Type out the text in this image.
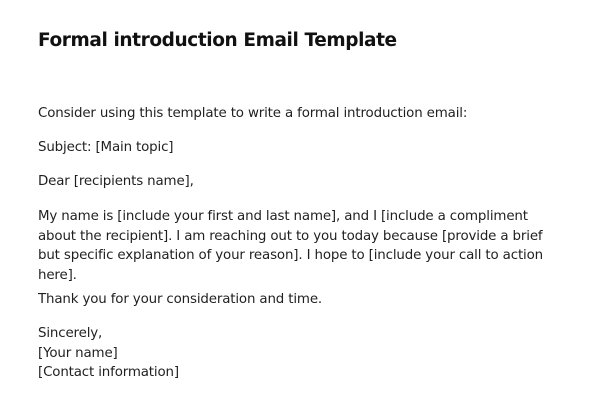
Formal introduction Email Template
Consider using this template to write a formal introduction email:
Subject: [Main topic]
Dear [recipients name],
My name is [include your first and last name], and I [include a compliment
about the recipient]. I am reaching out to you today because [provide a brief
but specific explanation of your reason]. I hope to [include your call to action
here].
Thank you for your consideration and time.
Sincerely,
[Your name]
[Contact information]
